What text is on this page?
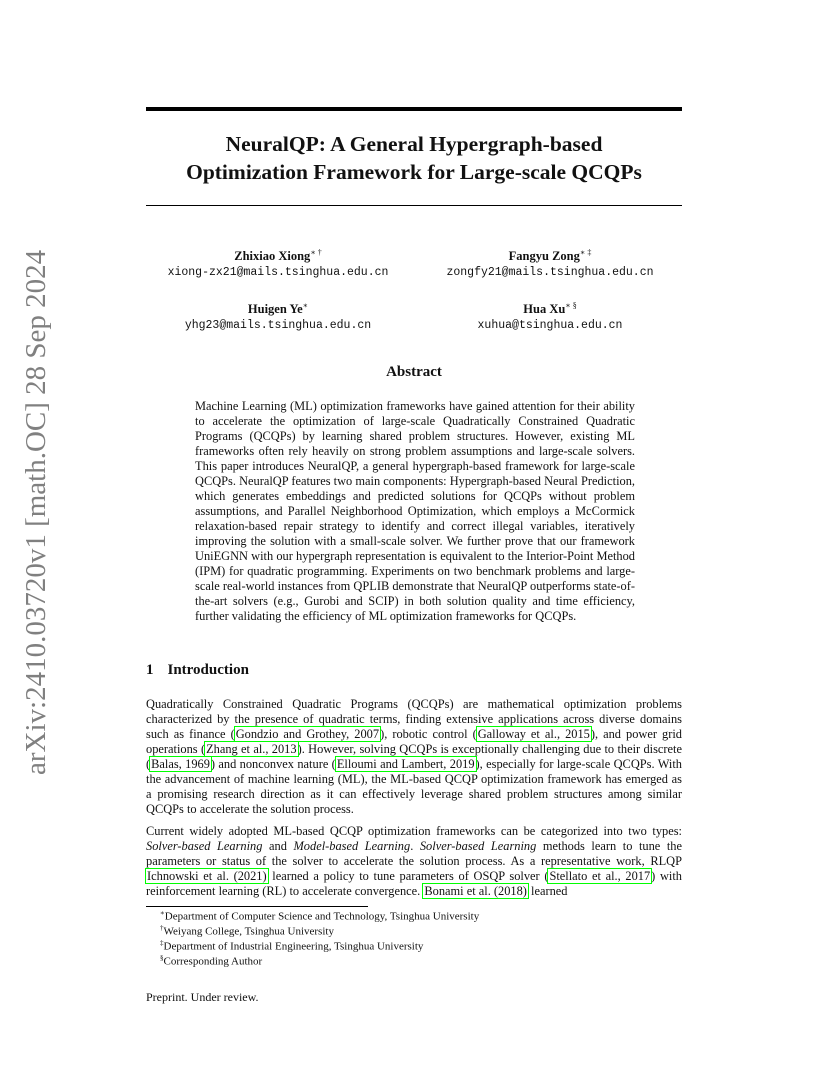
arXiv:2410.03720v1 [math.OC] 28 Sep 2024
NeuralQP: A General Hypergraph-based
Optimization Framework for Large-scale QCQPs
Zhixiao Xiong∗ †
xiong-zx21@mails.tsinghua.edu.cn
Fangyu Zong∗ ‡
zongfy21@mails.tsinghua.edu.cn
Huigen Ye∗
yhg23@mails.tsinghua.edu.cn
Hua Xu∗ §
xuhua@tsinghua.edu.cn
Abstract

Machine Learning (ML) optimization frameworks have gained attention for their ability to accelerate the optimization of large-scale Quadratically Constrained Quadratic Programs (QCQPs) by learning shared problem structures. However, existing ML frameworks often rely heavily on strong problem assumptions and large-scale solvers. This paper introduces NeuralQP, a general hypergraph-based framework for large-scale QCQPs. NeuralQP features two main components: Hypergraph-based Neural Prediction, which generates embeddings and predicted solutions for QCQPs without problem assumptions, and Parallel Neighborhood Optimization, which employs a McCormick relaxation-based repair strategy to identify and correct illegal variables, iteratively improving the solution with a small-scale solver. We further prove that our framework UniEGNN with our hypergraph representation is equivalent to the Interior-Point Method (IPM) for quadratic programming. Experiments on two benchmark problems and large-scale real-world instances from QPLIB demonstrate that NeuralQP outperforms state-of-the-art solvers (e.g., Gurobi and SCIP) in both solution quality and time efficiency, further validating the efficiency of ML optimization frameworks for QCQPs.

1 Introduction

Quadratically Constrained Quadratic Programs (QCQPs) are mathematical optimization problems characterized by the presence of quadratic terms, finding extensive applications across diverse domains such as finance (Gondzio and Grothey, 2007), robotic control (Galloway et al., 2015), and power grid operations (Zhang et al., 2013). However, solving QCQPs is exceptionally challenging due to their discrete (Balas, 1969) and nonconvex nature (Elloumi and Lambert, 2019), especially for large-scale QCQPs. With the advancement of machine learning (ML), the ML-based QCQP optimization framework has emerged as a promising research direction as it can effectively leverage shared problem structures among similar QCQPs to accelerate the solution process.

Current widely adopted ML-based QCQP optimization frameworks can be categorized into two types: Solver-based Learning and Model-based Learning. Solver-based Learning methods learn to tune the parameters or status of the solver to accelerate the solution process. As a representative work, RLQP Ichnowski et al. (2021) learned a policy to tune parameters of OSQP solver (Stellato et al., 2017) with reinforcement learning (RL) to accelerate convergence. Bonami et al. (2018) learned

∗Department of Computer Science and Technology, Tsinghua University
†Weiyang College, Tsinghua University
‡Department of Industrial Engineering, Tsinghua University
§Corresponding Author
Preprint. Under review.
